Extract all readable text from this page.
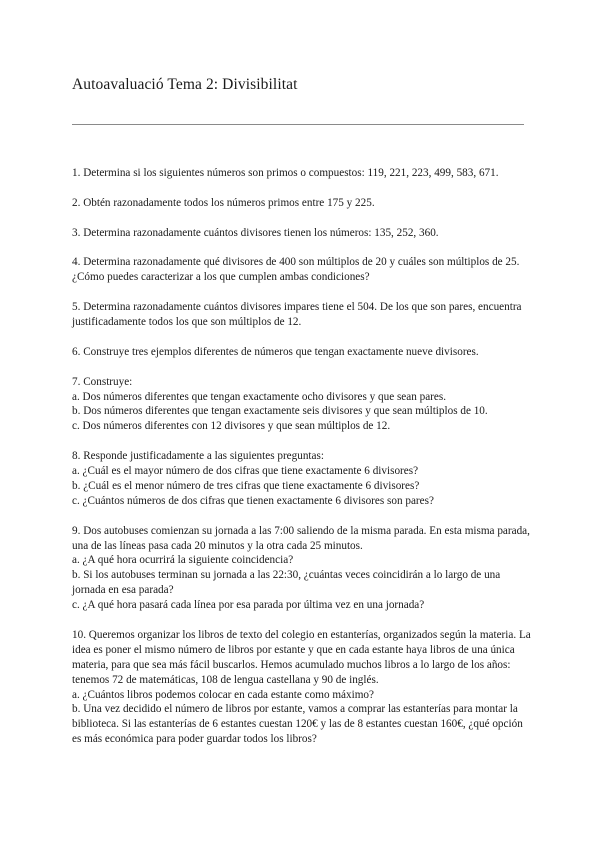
Autoavaluació Tema 2: Divisibilitat
1. Determina si los siguientes números son primos o compuestos: 119, 221, 223, 499, 583, 671.
2. Obtén razonadamente todos los números primos entre 175 y 225.
3. Determina razonadamente cuántos divisores tienen los números: 135, 252, 360.
4. Determina razonadamente qué divisores de 400 son múltiplos de 20 y cuáles son múltiplos de 25.
¿Cómo puedes caracterizar a los que cumplen ambas condiciones?
5. Determina razonadamente cuántos divisores impares tiene el 504. De los que son pares, encuentra
justificadamente todos los que son múltiplos de 12.
6. Construye tres ejemplos diferentes de números que tengan exactamente nueve divisores.
7. Construye:
a. Dos números diferentes que tengan exactamente ocho divisores y que sean pares.
b. Dos números diferentes que tengan exactamente seis divisores y que sean múltiplos de 10.
c. Dos números diferentes con 12 divisores y que sean múltiplos de 12.
8. Responde justificadamente a las siguientes preguntas:
a. ¿Cuál es el mayor número de dos cifras que tiene exactamente 6 divisores?
b. ¿Cuál es el menor número de tres cifras que tiene exactamente 6 divisores?
c. ¿Cuántos números de dos cifras que tienen exactamente 6 divisores son pares?
9. Dos autobuses comienzan su jornada a las 7:00 saliendo de la misma parada. En esta misma parada,
una de las líneas pasa cada 20 minutos y la otra cada 25 minutos.
a. ¿A qué hora ocurrirá la siguiente coincidencia?
b. Si los autobuses terminan su jornada a las 22:30, ¿cuántas veces coincidirán a lo largo de una
jornada en esa parada?
c. ¿A qué hora pasará cada línea por esa parada por última vez en una jornada?
10. Queremos organizar los libros de texto del colegio en estanterías, organizados según la materia. La
idea es poner el mismo número de libros por estante y que en cada estante haya libros de una única
materia, para que sea más fácil buscarlos. Hemos acumulado muchos libros a lo largo de los años:
tenemos 72 de matemáticas, 108 de lengua castellana y 90 de inglés.
a. ¿Cuántos libros podemos colocar en cada estante como máximo?
b. Una vez decidido el número de libros por estante, vamos a comprar las estanterías para montar la
biblioteca. Si las estanterías de 6 estantes cuestan 120€ y las de 8 estantes cuestan 160€, ¿qué opción
es más económica para poder guardar todos los libros?
